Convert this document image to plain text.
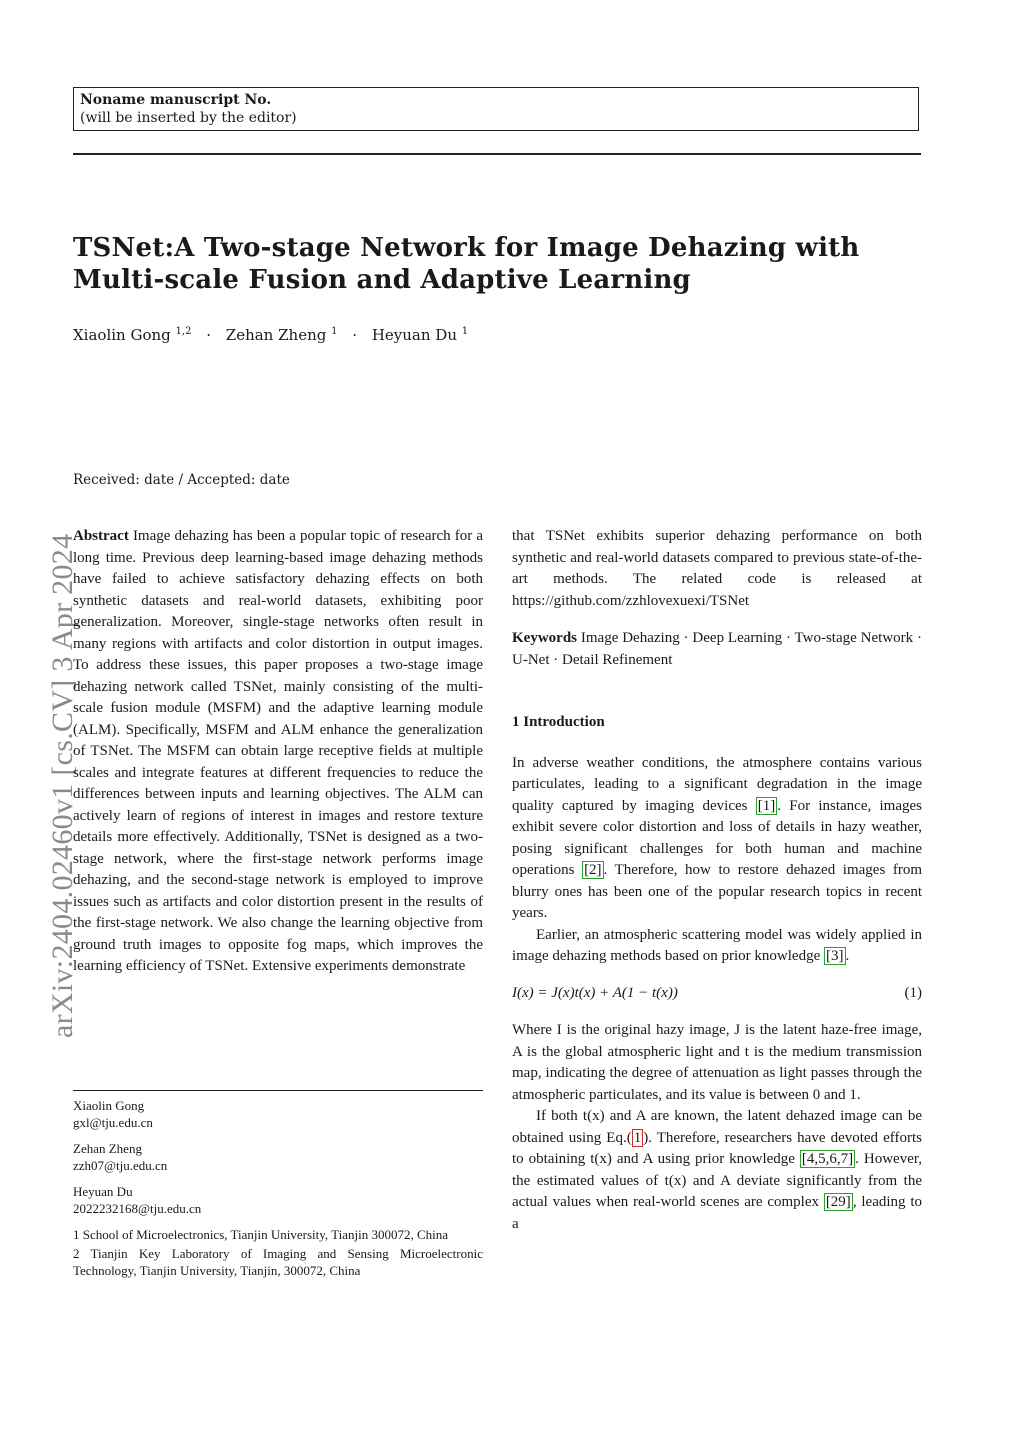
Noname manuscript No.
(will be inserted by the editor)
TSNet:A Two-stage Network for Image Dehazing with Multi-scale Fusion and Adaptive Learning
Xiaolin Gong $^{1,2}$ · Zehan Zheng $^1$ · Heyuan Du $^1$
Received: date / Accepted: date
arXiv:2404.02460v1 [cs.CV] 3 Apr 2024

Abstract Image dehazing has been a popular topic of research for a long time. Previous deep learning-based image dehazing methods have failed to achieve satisfactory dehazing effects on both synthetic datasets and real-world datasets, exhibiting poor generalization. Moreover, single-stage networks often result in many regions with artifacts and color distortion in output images. To address these issues, this paper proposes a two-stage image dehazing network called TSNet, mainly consisting of the multi-scale fusion module (MSFM) and the adaptive learning module (ALM). Specifically, MSFM and ALM enhance the generalization of TSNet. The MSFM can obtain large receptive fields at multiple scales and integrate features at different frequencies to reduce the differences between inputs and learning objectives. The ALM can actively learn of regions of interest in images and restore texture details more effectively. Additionally, TSNet is designed as a two-stage network, where the first-stage network performs image dehazing, and the second-stage network is employed to improve issues such as artifacts and color distortion present in the results of the first-stage network. We also change the learning objective from ground truth images to opposite fog maps, which improves the learning efficiency of TSNet. Extensive experiments demonstrate

that TSNet exhibits superior dehazing performance on both synthetic and real-world datasets compared to previous state-of-the-art methods. The related code is released at https://github.com/zzhlovexuexi/TSNet

Keywords Image Dehazing · Deep Learning · Two-stage Network · U-Net · Detail Refinement

1 Introduction

In adverse weather conditions, the atmosphere contains various particulates, leading to a significant degradation in the image quality captured by imaging devices [1] . For instance, images exhibit severe color distortion and loss of details in hazy weather, posing significant challenges for both human and machine operations [2] . Therefore, how to restore dehazed images from blurry ones has been one of the popular research topics in recent years.

Earlier, an atmospheric scattering model was widely applied in image dehazing methods based on prior knowledge [3] .

I(x) = J(x)t(x) + A(1 − t(x))	(1)

Where I is the original hazy image, J is the latent haze-free image, A is the global atmospheric light and t is the medium transmission map, indicating the degree of attenuation as light passes through the atmospheric particulates, and its value is between 0 and 1.

If both t(x) and A are known, the latent dehazed image can be obtained using Eq.( 1 ). Therefore, researchers have devoted efforts to obtaining t(x) and A using prior knowledge [4,5,6,7] . However, the estimated values of t(x) and A deviate significantly from the actual values when real-world scenes are complex [29] , leading to a

Xiaolin Gong
gxl@tju.edu.cn
Zehan Zheng
zzh07@tju.edu.cn
Heyuan Du
2022232168@tju.edu.cn
1 School of Microelectronics, Tianjin University, Tianjin 300072, China
2 Tianjin Key Laboratory of Imaging and Sensing Microelectronic Technology, Tianjin University, Tianjin, 300072, China
